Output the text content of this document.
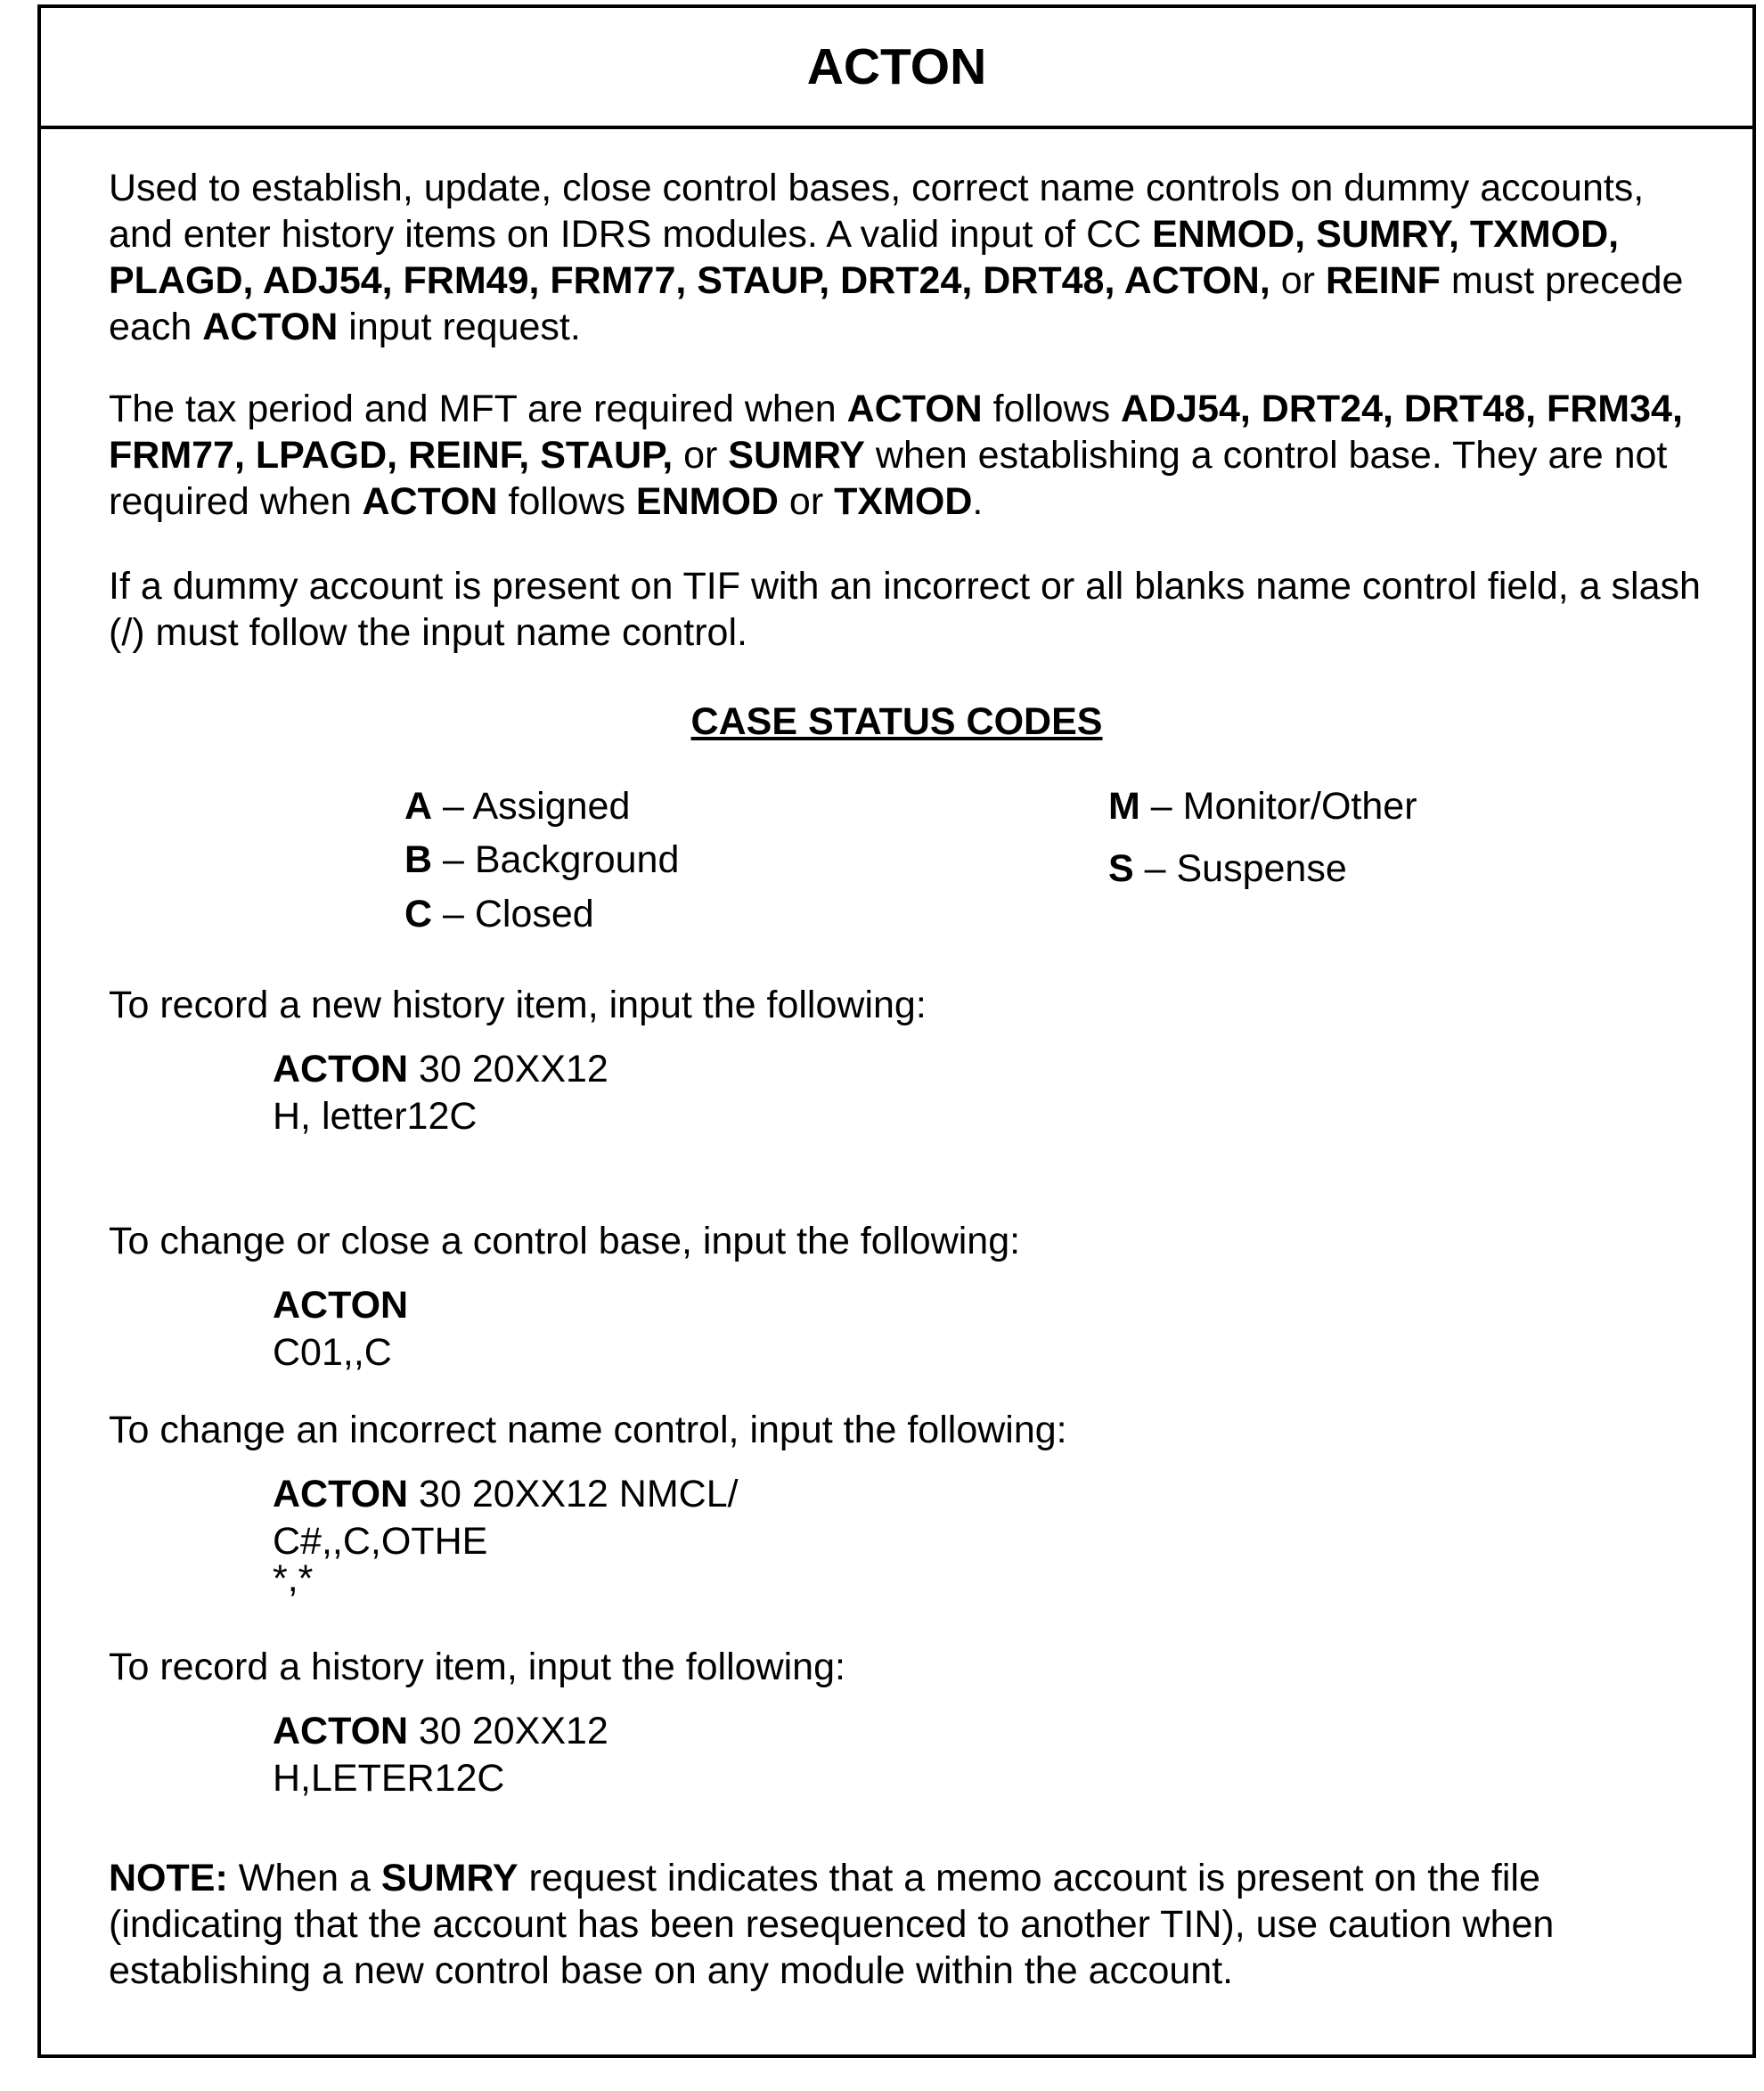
ACTON

Used to establish, update, close control bases, correct name controls on dummy accounts, and enter history items on IDRS modules. A valid input of CC ENMOD, SUMRY, TXMOD, PLAGD, ADJ54, FRM49, FRM77, STAUP, DRT24, DRT48, ACTON, or REINF must precede each ACTON input request.

The tax period and MFT are required when ACTON follows ADJ54, DRT24, DRT48, FRM34, FRM77, LPAGD, REINF, STAUP, or SUMRY when establishing a control base. They are not required when ACTON follows ENMOD or TXMOD.

If a dummy account is present on TIF with an incorrect or all blanks name control field, a slash (/) must follow the input name control.

CASE STATUS CODES
A – Assigned
B – Background
C – Closed
M – Monitor/Other
S – Suspense
To record a new history item, input the following:
ACTON 30 20XX12
H, letter12C
To change or close a control base, input the following:
ACTON
C01,,C
To change an incorrect name control, input the following:
ACTON 30 20XX12 NMCL/
C#,,C,OTHE
*,*
To record a history item, input the following:
ACTON 30 20XX12
H,LETER12C

NOTE: When a SUMRY request indicates that a memo account is present on the file (indicating that the account has been resequenced to another TIN), use caution when establishing a new control base on any module within the account.
